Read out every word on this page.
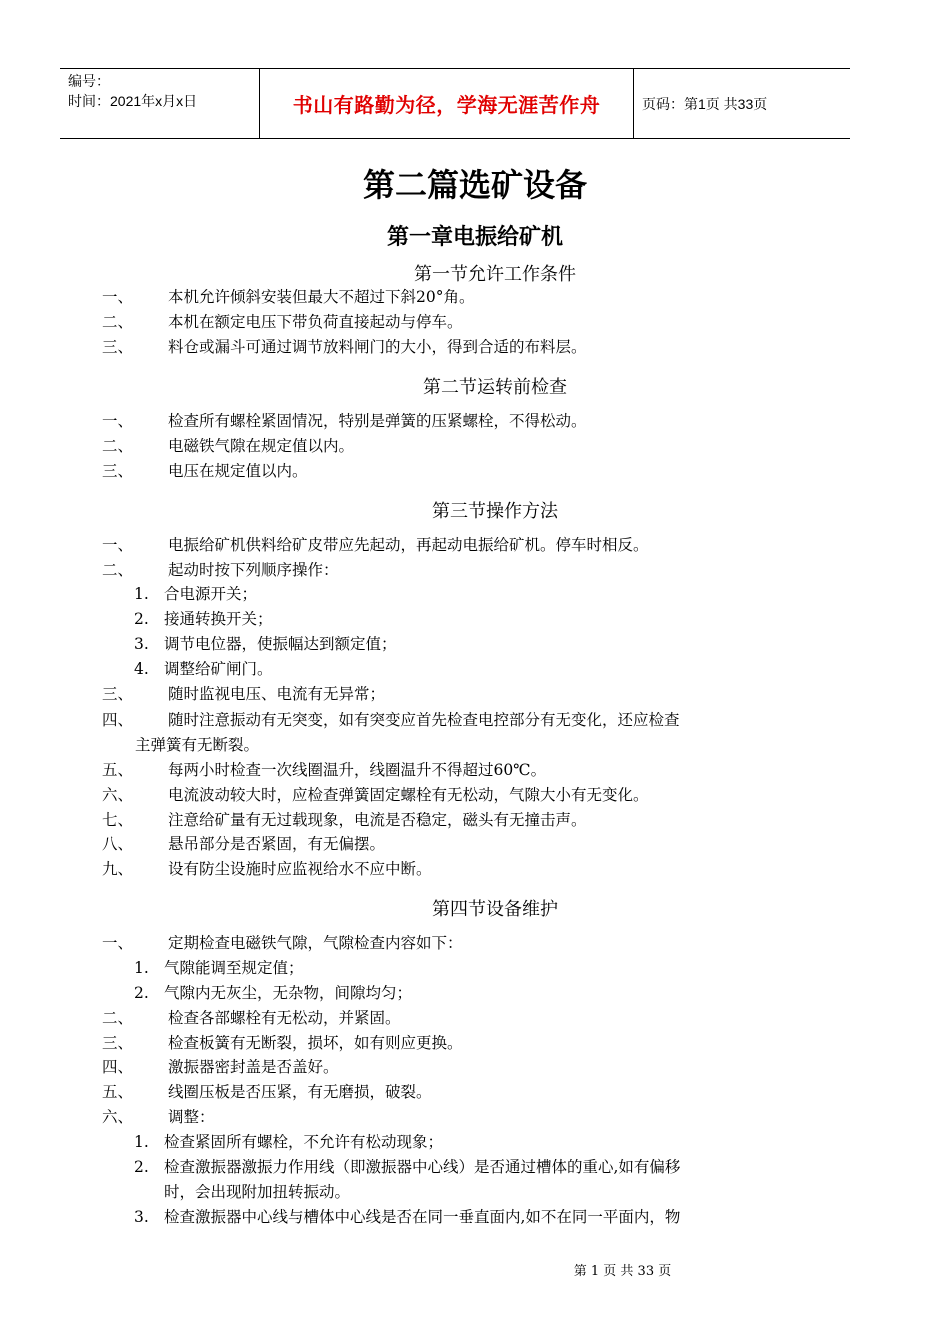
编号：
时间：2021年x月x日	书山有路勤为径，学海无涯苦作舟	页码：第1页 共33页
第二篇选矿设备
第一章电振给矿机
第一节允许工作条件
一、 本机允许倾斜安装但最大不超过下斜20°角。
二、 本机在额定电压下带负荷直接起动与停车。
三、 料仓或漏斗可通过调节放料闸门的大小，得到合适的布料层。
第二节运转前检查
一、 检查所有螺栓紧固情况，特别是弹簧的压紧螺栓，不得松动。
二、 电磁铁气隙在规定值以内。
三、 电压在规定值以内。
第三节操作方法
一、 电振给矿机供料给矿皮带应先起动，再起动电振给矿机。停车时相反。
二、 起动时按下列顺序操作：
1. 合电源开关；
2. 接通转换开关；
3. 调节电位器，使振幅达到额定值；
4. 调整给矿闸门。
三、 随时监视电压、电流有无异常；
四、 随时注意振动有无突变，如有突变应首先检查电控部分有无变化，还应检查
主弹簧有无断裂。
五、 每两小时检查一次线圈温升，线圈温升不得超过60℃。
六、 电流波动较大时，应检查弹簧固定螺栓有无松动，气隙大小有无变化。
七、 注意给矿量有无过载现象，电流是否稳定，磁头有无撞击声。
八、 悬吊部分是否紧固，有无偏摆。
九、 设有防尘设施时应监视给水不应中断。
第四节设备维护
一、 定期检查电磁铁气隙，气隙检查内容如下：
1. 气隙能调至规定值；
2. 气隙内无灰尘，无杂物，间隙均匀；
二、 检查各部螺栓有无松动，并紧固。
三、 检查板簧有无断裂，损坏，如有则应更换。
四、 激振器密封盖是否盖好。
五、 线圈压板是否压紧，有无磨损，破裂。
六、 调整：
1. 检查紧固所有螺栓，不允许有松动现象；
2. 检查激振器激振力作用线（即激振器中心线）是否通过槽体的重心,如有偏移
时，会出现附加扭转振动。
3. 检查激振器中心线与槽体中心线是否在同一垂直面内,如不在同一平面内，物
第 1 页 共 33 页
